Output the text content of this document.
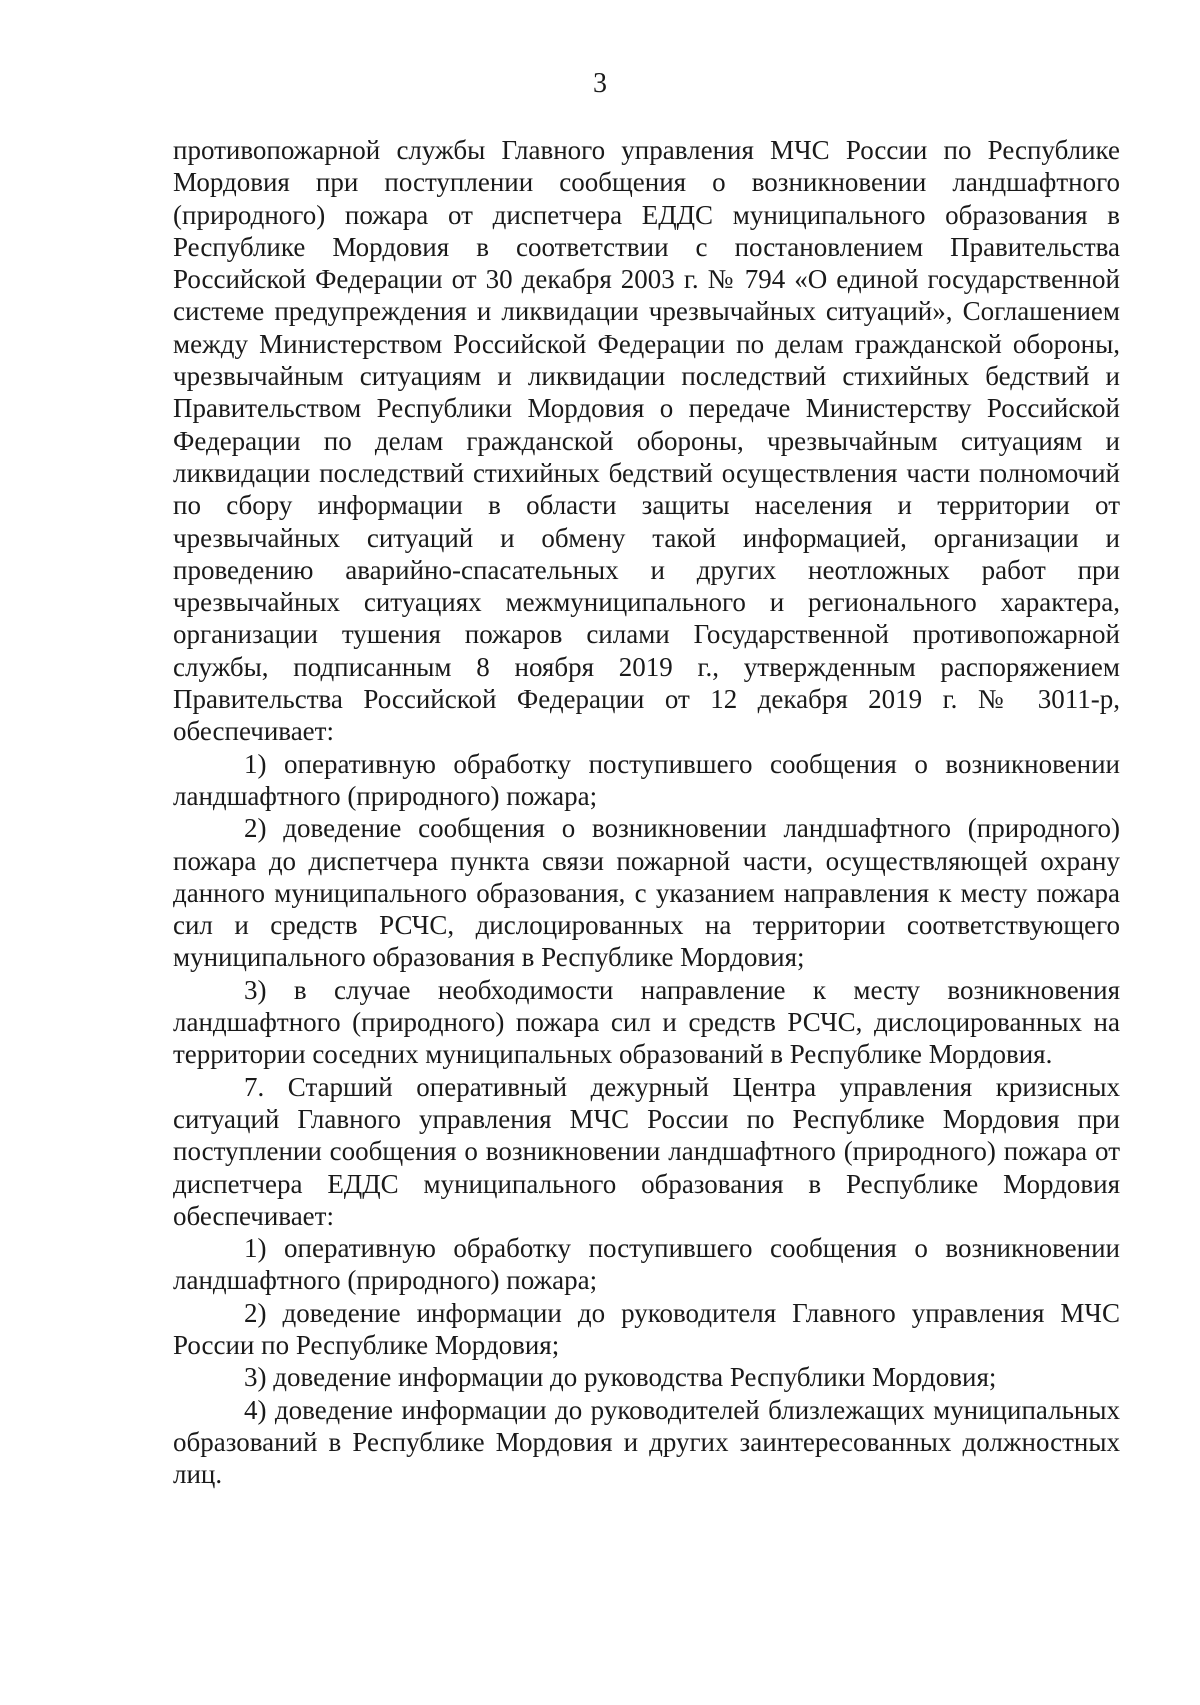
3

противопожарной службы Главного управления МЧС России по Республике Мордовия при поступлении сообщения о возникновении ландшафтного (природного) пожара от диспетчера ЕДДС муниципального образования в Республике Мордовия в соответствии с постановлением Правительства Российской Федерации от 30 декабря 2003 г. № 794 «О единой государственной системе предупреждения и ликвидации чрезвычайных ситуаций», Соглашением между Министерством Российской Федерации по делам гражданской обороны, чрезвычайным ситуациям и ликвидации последствий стихийных бедствий и Правительством Республики Мордовия о передаче Министерству Российской Федерации по делам гражданской обороны, чрезвычайным ситуациям и ликвидации последствий стихийных бедствий осуществления части полномочий по сбору информации в области защиты населения и территории от чрезвычайных ситуаций и обмену такой информацией, организации и проведению аварийно-спасательных и других неотложных работ при чрезвычайных ситуациях межмуниципального и регионального характера, организации тушения пожаров силами Государственной противопожарной службы, подписанным 8 ноября 2019 г., утвержденным распоряжением Правительства Российской Федерации от 12 декабря 2019 г. № 3011-р, обеспечивает:

1) оперативную обработку поступившего сообщения о возникновении ландшафтного (природного) пожара;

2) доведение сообщения о возникновении ландшафтного (природного) пожара до диспетчера пункта связи пожарной части, осуществляющей охрану данного муниципального образования, с указанием направления к месту пожара сил и средств РСЧС, дислоцированных на территории соответствующего муниципального образования в Республике Мордовия;

3) в случае необходимости направление к месту возникновения ландшафтного (природного) пожара сил и средств РСЧС, дислоцированных на территории соседних муниципальных образований в Республике Мордовия.

7. Старший оперативный дежурный Центра управления кризисных ситуаций Главного управления МЧС России по Республике Мордовия при поступлении сообщения о возникновении ландшафтного (природного) пожара от диспетчера ЕДДС муниципального образования в Республике Мордовия обеспечивает:

1) оперативную обработку поступившего сообщения о возникновении ландшафтного (природного) пожара;

2) доведение информации до руководителя Главного управления МЧС России по Республике Мордовия;

3) доведение информации до руководства Республики Мордовия;

4) доведение информации до руководителей близлежащих муниципальных образований в Республике Мордовия и других заинтересованных должностных лиц.
